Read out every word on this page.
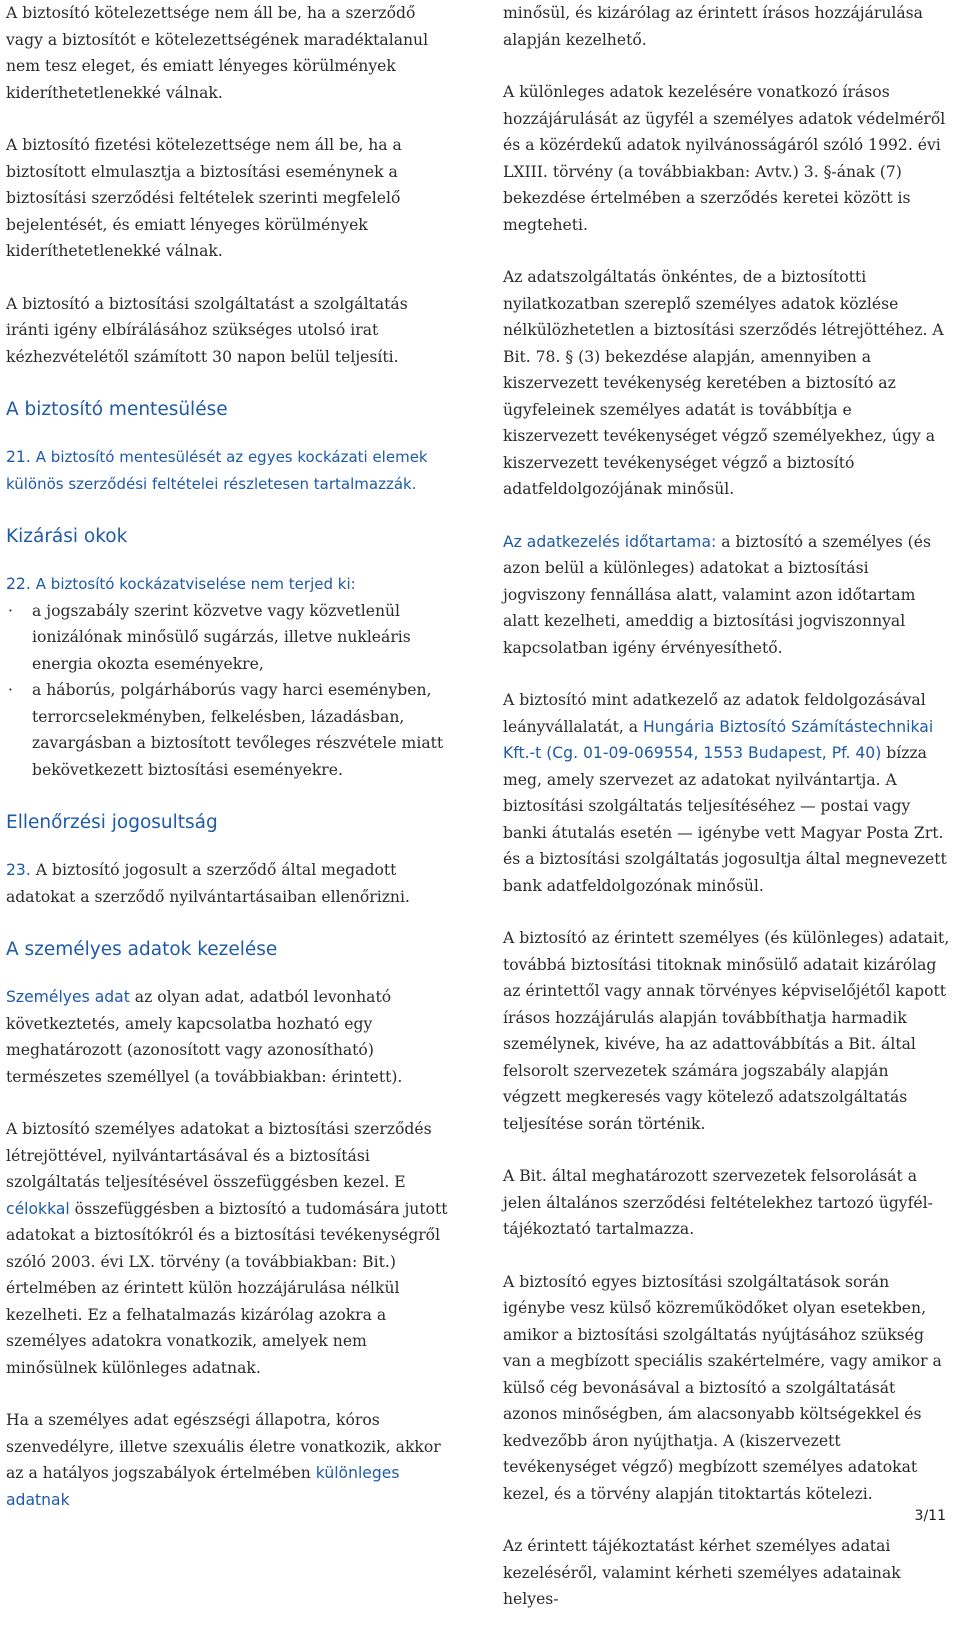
A biztosító kötelezettsége nem áll be, ha a szerződő vagy a biztosítót e kötelezettségének maradéktalanul nem tesz eleget, és emiatt lényeges körülmények kideríthetetlenekké válnak.

A biztosító fizetési kötelezettsége nem áll be, ha a biztosított elmulasztja a biztosítási eseménynek a biztosítási szerződési feltételek szerinti megfelelő bejelentését, és emiatt lényeges körülmények kideríthetetlenekké válnak.

A biztosító a biztosítási szolgáltatást a szolgáltatás iránti igény elbírálásához szükséges utolsó irat kézhezvételétől számított 30 napon belül teljesíti.

A biztosító mentesülése

21. A biztosító mentesülését az egyes kockázati elemek különös szerződési feltételei részletesen tartalmazzák.

Kizárási okok

22. A biztosító kockázatviselése nem terjed ki:

· a jogszabály szerint közvetve vagy közvetlenül ionizálónak minősülő sugárzás, illetve nukleáris energia okozta eseményekre,
· a háborús, polgárháborús vagy harci eseményben, terrorcselekményben, felkelésben, lázadásban, zavargásban a biztosított tevőleges részvétele miatt bekövetkezett biztosítási eseményekre.
Ellenőrzési jogosultság

23. A biztosító jogosult a szerződő által megadott adatokat a szerződő nyilvántartásaiban ellenőrizni.

A személyes adatok kezelése

Személyes adat az olyan adat, adatból levonható következtetés, amely kapcsolatba hozható egy meghatározott (azonosított vagy azonosítható) természetes személlyel (a továbbiakban: érintett).

A biztosító személyes adatokat a biztosítási szerződés létrejöttével, nyilvántartásával és a biztosítási szolgáltatás teljesítésével összefüggésben kezel. E célokkal összefüggésben a biztosító a tudomására jutott adatokat a biztosítókról és a biztosítási tevékenységről szóló 2003. évi LX. törvény (a továbbiakban: Bit.) értelmében az érintett külön hozzájárulása nélkül kezelheti. Ez a felhatalmazás kizárólag azokra a személyes adatokra vonatkozik, amelyek nem minősülnek különleges adatnak.

Ha a személyes adat egészségi állapotra, kóros szenvedélyre, illetve szexuális életre vonatkozik, akkor az a hatályos jogszabályok értelmében különleges adatnak

minősül, és kizárólag az érintett írásos hozzájárulása alapján kezelhető.

A különleges adatok kezelésére vonatkozó írásos hozzájárulását az ügyfél a személyes adatok védelméről és a közérdekű adatok nyilvánosságáról szóló 1992. évi LXIII. törvény (a továbbiakban: Avtv.) 3. §-ának (7) bekezdése értelmében a szerződés keretei között is megteheti.

Az adatszolgáltatás önkéntes, de a biztosítotti nyilatkozatban szereplő személyes adatok közlése nélkülözhetetlen a biztosítási szerződés létrejöttéhez. A Bit. 78. § (3) bekezdése alapján, amennyiben a kiszervezett tevékenység keretében a biztosító az ügyfeleinek személyes adatát is továbbítja e kiszervezett tevékenységet végző személyekhez, úgy a kiszervezett tevékenységet végző a biztosító adatfeldolgozójának minősül.

Az adatkezelés időtartama: a biztosító a személyes (és azon belül a különleges) adatokat a biztosítási jogviszony fennállása alatt, valamint azon időtartam alatt kezelheti, ameddig a biztosítási jogviszonnyal kapcsolatban igény érvényesíthető.

A biztosító mint adatkezelő az adatok feldolgozásával leányvállalatát, a Hungária Biztosító Számítástechnikai Kft.-t (Cg. 01-09-069554, 1553 Budapest, Pf. 40) bízza meg, amely szervezet az adatokat nyilvántartja. A biztosítási szolgáltatás teljesítéséhez — postai vagy banki átutalás esetén — igénybe vett Magyar Posta Zrt. és a biztosítási szolgáltatás jogosultja által megnevezett bank adatfeldolgozónak minősül.

A biztosító az érintett személyes (és különleges) adatait, továbbá biztosítási titoknak minősülő adatait kizárólag az érintettől vagy annak törvényes képviselőjétől kapott írásos hozzájárulás alapján továbbíthatja harmadik személynek, kivéve, ha az adattovábbítás a Bit. által felsorolt szervezetek számára jogszabály alapján végzett megkeresés vagy kötelező adatszolgáltatás teljesítése során történik.

A Bit. által meghatározott szervezetek felsorolását a jelen általános szerződési feltételekhez tartozó ügyfél-tájékoztató tartalmazza.

A biztosító egyes biztosítási szolgáltatások során igénybe vesz külső közreműködőket olyan esetekben, amikor a biztosítási szolgáltatás nyújtásához szükség van a megbízott speciális szakértelmére, vagy amikor a külső cég bevonásával a biztosító a szolgáltatását azonos minőségben, ám alacsonyabb költségekkel és kedvezőbb áron nyújthatja. A (kiszervezett tevékenységet végző) megbízott személyes adatokat kezel, és a törvény alapján titoktartás kötelezi.

Az érintett tájékoztatást kérhet személyes adatai kezeléséről, valamint kérheti személyes adatainak helyes-

3/11
